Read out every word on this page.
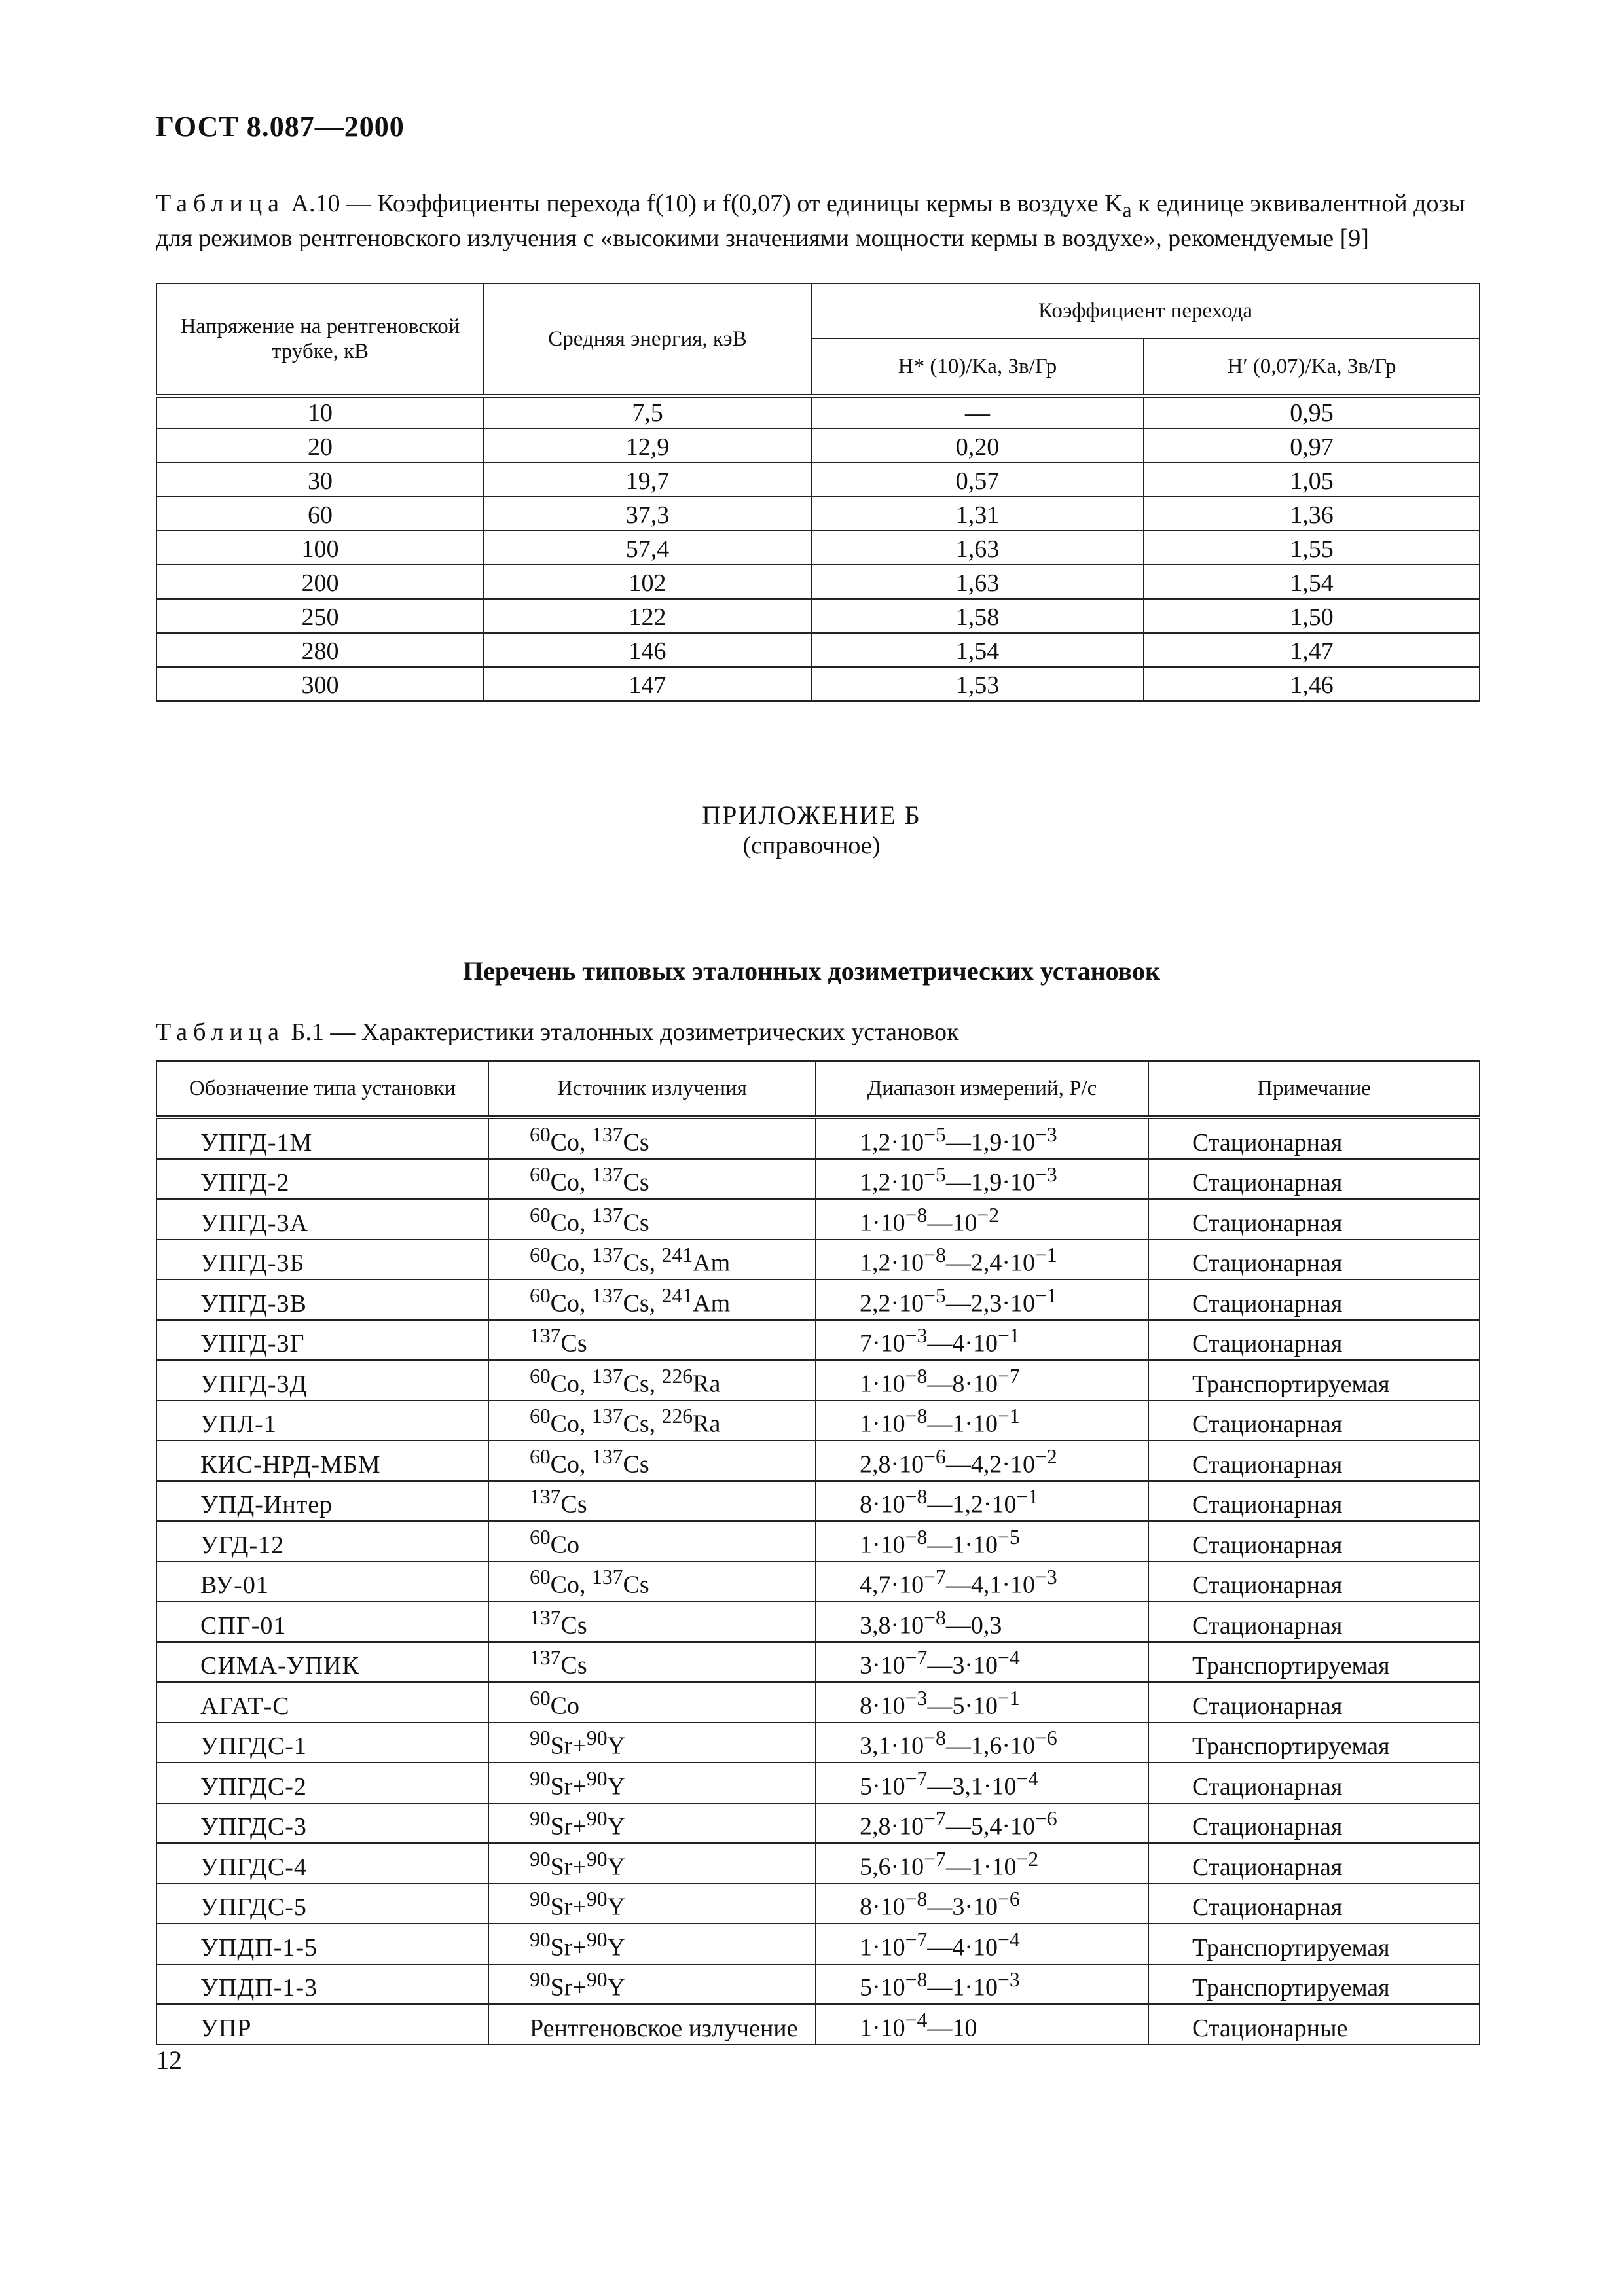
ГОСТ 8.087—2000
Таблица А.10 — Коэффициенты перехода f(10) и f(0,07) от единицы кермы в воздухе $K_а$ к единице эквивалентной дозы для режимов рентгеновского излучения с «высокими значениями мощности кермы в воздухе», рекомендуемые [9]
Напряжение на рентгеновской трубке, кВ	Средняя энергия, кэВ	Коэффициент перехода	
		H* (10)/Kа, Зв/Гр	H′ (0,07)/Kа, Зв/Гр
10	7,5	—	0,95
20	12,9	0,20	0,97
30	19,7	0,57	1,05
60	37,3	1,31	1,36
100	57,4	1,63	1,55
200	102	1,63	1,54
250	122	1,58	1,50
280	146	1,54	1,47
300	147	1,53	1,46
ПРИЛОЖЕНИЕ Б
(справочное)
Перечень типовых эталонных дозиметрических установок
Таблица Б.1 — Характеристики эталонных дозиметрических установок
Обозначение типа установки	Источник излучения	Диапазон измерений, Р/с	Примечание
УПГД-1М	$^{60}$Co, $^{137}$Cs	$1,2\cdot 10^{-5}—1,9\cdot 10^{-3}$	Стационарная
УПГД-2	$^{60}$Co, $^{137}$Cs	$1,2\cdot 10^{-5}—1,9\cdot 10^{-3}$	Стационарная
УПГД-3А	$^{60}$Co, $^{137}$Cs	$1\cdot 10^{-8}—10^{-2}$	Стационарная
УПГД-3Б	$^{60}$Co, $^{137}$Cs, $^{241}$Am	$1,2\cdot 10^{-8}—2,4\cdot 10^{-1}$	Стационарная
УПГД-3В	$^{60}$Co, $^{137}$Cs, $^{241}$Am	$2,2\cdot 10^{-5}—2,3\cdot 10^{-1}$	Стационарная
УПГД-3Г	$^{137}$Cs	$7\cdot 10^{-3}—4\cdot 10^{-1}$	Стационарная
УПГД-3Д	$^{60}$Co, $^{137}$Cs, $^{226}$Ra	$1\cdot 10^{-8}—8\cdot 10^{-7}$	Транспортируемая
УПЛ-1	$^{60}$Co, $^{137}$Cs, $^{226}$Ra	$1\cdot 10^{-8}—1\cdot 10^{-1}$	Стационарная
КИС-НРД-МБМ	$^{60}$Co, $^{137}$Cs	$2,8\cdot 10^{-6}—4,2\cdot 10^{-2}$	Стационарная
УПД-Интер	$^{137}$Cs	$8\cdot 10^{-8}—1,2\cdot 10^{-1}$	Стационарная
УГД-12	$^{60}$Co	$1\cdot 10^{-8}—1\cdot 10^{-5}$	Стационарная
ВУ-01	$^{60}$Co, $^{137}$Cs	$4,7\cdot 10^{-7}—4,1\cdot 10^{-3}$	Стационарная
СПГ-01	$^{137}$Cs	$3,8\cdot 10^{-8}—0,3$	Стационарная
СИМА-УПИК	$^{137}$Cs	$3\cdot 10^{-7}—3\cdot 10^{-4}$	Транспортируемая
АГАТ-С	$^{60}$Co	$8\cdot 10^{-3}—5\cdot 10^{-1}$	Стационарная
УПГДС-1	$^{90}$Sr+$^{90}$Y	$3,1\cdot 10^{-8}—1,6\cdot 10^{-6}$	Транспортируемая
УПГДС-2	$^{90}$Sr+$^{90}$Y	$5\cdot 10^{-7}—3,1\cdot 10^{-4}$	Стационарная
УПГДС-3	$^{90}$Sr+$^{90}$Y	$2,8\cdot 10^{-7}—5,4\cdot 10^{-6}$	Стационарная
УПГДС-4	$^{90}$Sr+$^{90}$Y	$5,6\cdot 10^{-7}—1\cdot 10^{-2}$	Стационарная
УПГДС-5	$^{90}$Sr+$^{90}$Y	$8\cdot 10^{-8}—3\cdot 10^{-6}$	Стационарная
УПДП-1-5	$^{90}$Sr+$^{90}$Y	$1\cdot 10^{-7}—4\cdot 10^{-4}$	Транспортируемая
УПДП-1-3	$^{90}$Sr+$^{90}$Y	$5\cdot 10^{-8}—1\cdot 10^{-3}$	Транспортируемая
УПР	Рентгеновское излучение	$1\cdot 10^{-4}—10$	Стационарные
12
